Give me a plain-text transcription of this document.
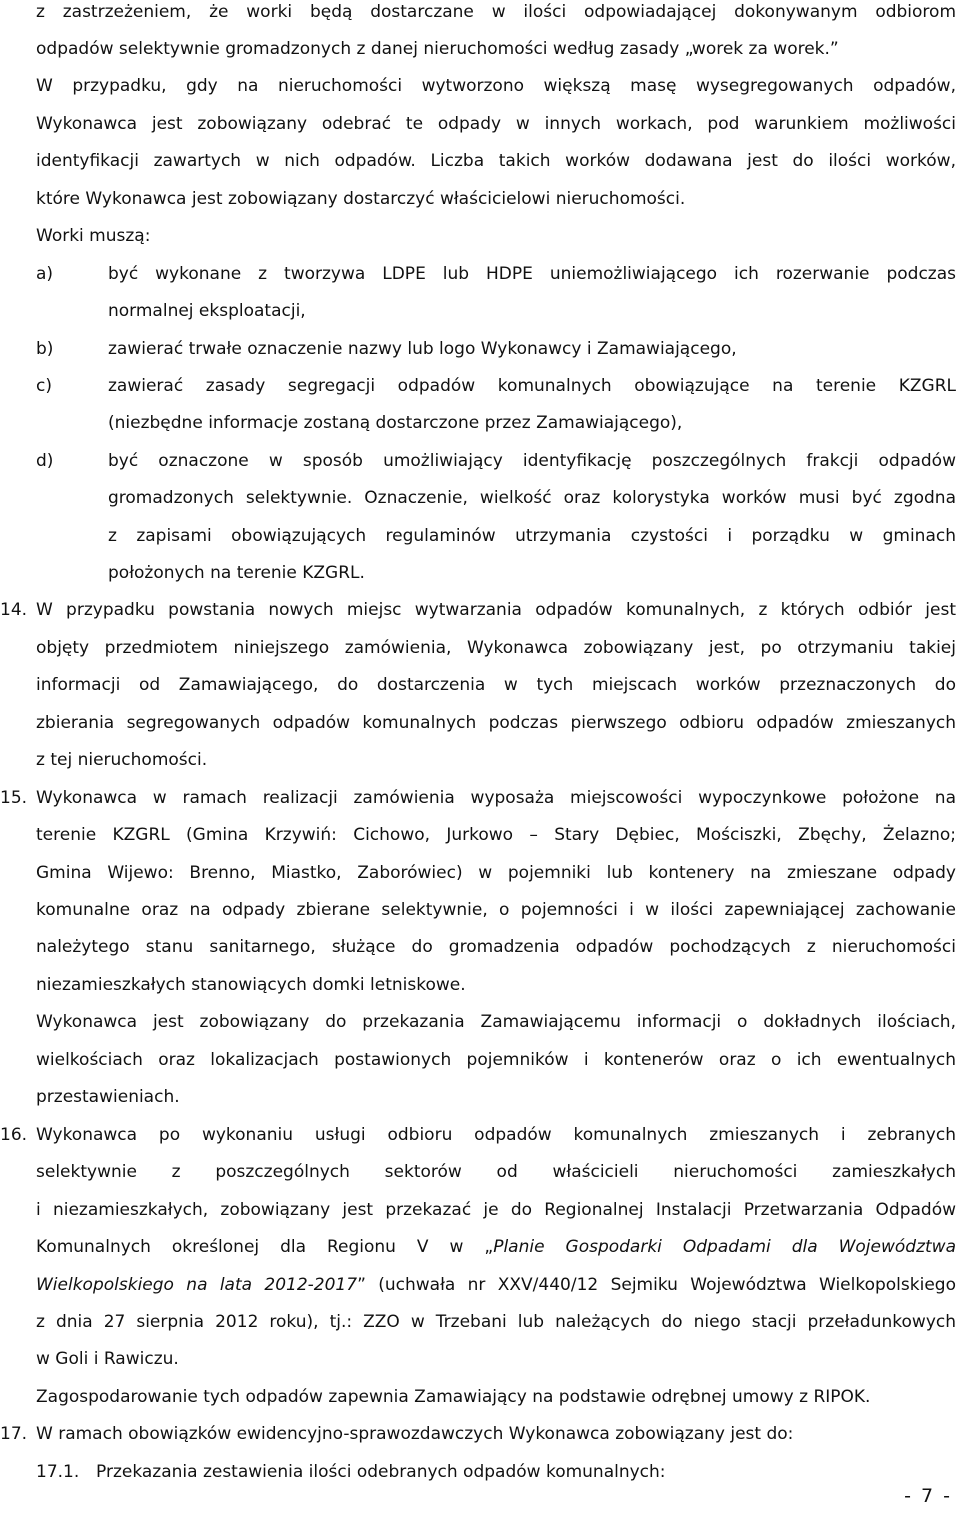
z zastrzeżeniem, że worki będą dostarczane w ilości odpowiadającej dokonywanym odbiorom
odpadów selektywnie gromadzonych z danej nieruchomości według zasady „worek za worek.”
W przypadku, gdy na nieruchomości wytworzono większą masę wysegregowanych odpadów,
Wykonawca jest zobowiązany odebrać te odpady w innych workach, pod warunkiem możliwości
identyfikacji zawartych w nich odpadów. Liczba takich worków dodawana jest do ilości worków,
które Wykonawca jest zobowiązany dostarczyć właścicielowi nieruchomości.
Worki muszą:
a)	być wykonane z tworzywa LDPE lub HDPE uniemożliwiającego ich rozerwanie podczas
normalnej eksploatacji,
b)	zawierać trwałe oznaczenie nazwy lub logo Wykonawcy i Zamawiającego,
c)	zawierać zasady segregacji odpadów komunalnych obowiązujące na terenie KZGRL
(niezbędne informacje zostaną dostarczone przez Zamawiającego),
d)	być oznaczone w sposób umożliwiający identyfikację poszczególnych frakcji odpadów
gromadzonych selektywnie. Oznaczenie, wielkość oraz kolorystyka worków musi być zgodna
z zapisami obowiązujących regulaminów utrzymania czystości i porządku w gminach
położonych na terenie KZGRL.
14. W przypadku powstania nowych miejsc wytwarzania odpadów komunalnych, z których odbiór jest
objęty przedmiotem niniejszego zamówienia, Wykonawca zobowiązany jest, po otrzymaniu takiej
informacji od Zamawiającego, do dostarczenia w tych miejscach worków przeznaczonych do
zbierania segregowanych odpadów komunalnych podczas pierwszego odbioru odpadów zmieszanych
z tej nieruchomości.
15. Wykonawca w ramach realizacji zamówienia wyposaża miejscowości wypoczynkowe położone na
terenie KZGRL (Gmina Krzywiń: Cichowo, Jurkowo – Stary Dębiec, Mościszki, Zbęchy, Żelazno;
Gmina Wijewo: Brenno, Miastko, Zaborówiec) w pojemniki lub kontenery na zmieszane odpady
komunalne oraz na odpady zbierane selektywnie, o pojemności i w ilości zapewniającej zachowanie
należytego stanu sanitarnego, służące do gromadzenia odpadów pochodzących z nieruchomości
niezamieszkałych stanowiących domki letniskowe.
Wykonawca jest zobowiązany do przekazania Zamawiającemu informacji o dokładnych ilościach,
wielkościach oraz lokalizacjach postawionych pojemników i kontenerów oraz o ich ewentualnych
przestawieniach.
16. Wykonawca po wykonaniu usługi odbioru odpadów komunalnych zmieszanych i zebranych
selektywnie z poszczególnych sektorów od właścicieli nieruchomości zamieszkałych
i niezamieszkałych, zobowiązany jest przekazać je do Regionalnej Instalacji Przetwarzania Odpadów
Komunalnych określonej dla Regionu V w „Planie Gospodarki Odpadami dla Województwa
Wielkopolskiego na lata 2012-2017” (uchwała nr XXV/440/12 Sejmiku Województwa Wielkopolskiego
z dnia 27 sierpnia 2012 roku), tj.: ZZO w Trzebani lub należących do niego stacji przeładunkowych
w Goli i Rawiczu.
Zagospodarowanie tych odpadów zapewnia Zamawiający na podstawie odrębnej umowy z RIPOK.
17. W ramach obowiązków ewidencyjno-sprawozdawczych Wykonawca zobowiązany jest do:
17.1. Przekazania zestawienia ilości odebranych odpadów komunalnych:
- 7 -
